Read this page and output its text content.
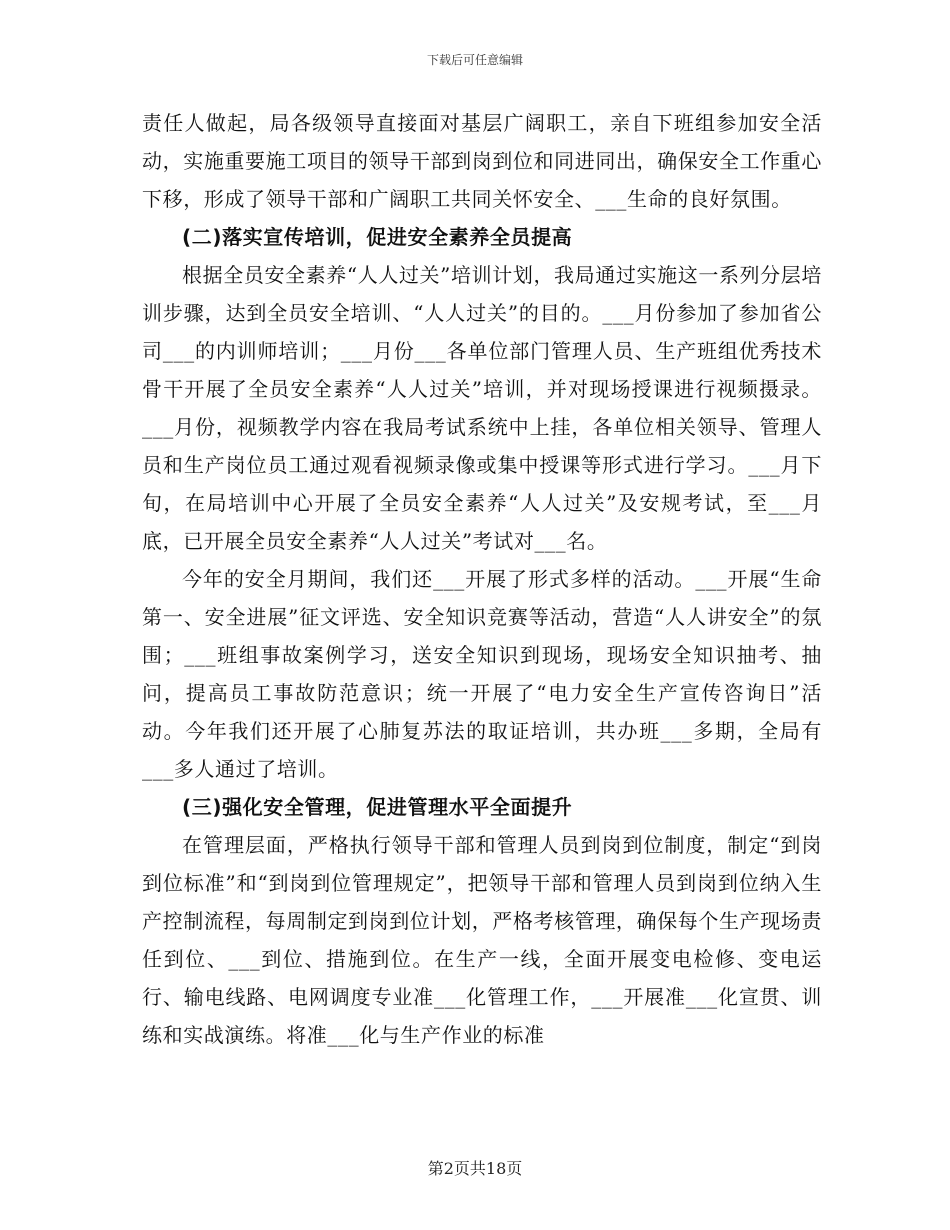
下载后可任意编辑

责任人做起，局各级领导直接面对基层广阔职工，亲自下班组参加安全活动，实施重要施工项目的领导干部到岗到位和同进同出，确保安全工作重心下移，形成了领导干部和广阔职工共同关怀安全、___生命的良好氛围。

(二)落实宣传培训，促进安全素养全员提高

根据全员安全素养“人人过关”培训计划，我局通过实施这一系列分层培训步骤，达到全员安全培训、“人人过关”的目的。___月份参加了参加省公司___的内训师培训；___月份___各单位部门管理人员、生产班组优秀技术骨干开展了全员安全素养“人人过关”培训，并对现场授课进行视频摄录。___月份，视频教学内容在我局考试系统中上挂，各单位相关领导、管理人员和生产岗位员工通过观看视频录像或集中授课等形式进行学习。___月下旬，在局培训中心开展了全员安全素养“人人过关”及安规考试，至___月底，已开展全员安全素养“人人过关”考试对___名。

今年的安全月期间，我们还___开展了形式多样的活动。___开展“生命第一、安全进展”征文评选、安全知识竞赛等活动，营造“人人讲安全”的氛围；___班组事故案例学习，送安全知识到现场，现场安全知识抽考、抽问，提高员工事故防范意识；统一开展了“电力安全生产宣传咨询日”活动。今年我们还开展了心肺复苏法的取证培训，共办班___多期，全局有___多人通过了培训。

(三)强化安全管理，促进管理水平全面提升

在管理层面，严格执行领导干部和管理人员到岗到位制度，制定“到岗到位标准”和“到岗到位管理规定”，把领导干部和管理人员到岗到位纳入生产控制流程，每周制定到岗到位计划，严格考核管理，确保每个生产现场责任到位、___到位、措施到位。在生产一线，全面开展变电检修、变电运行、输电线路、电网调度专业准___化管理工作，___开展准___化宣贯、训练和实战演练。将准___化与生产作业的标准

第2页共18页
